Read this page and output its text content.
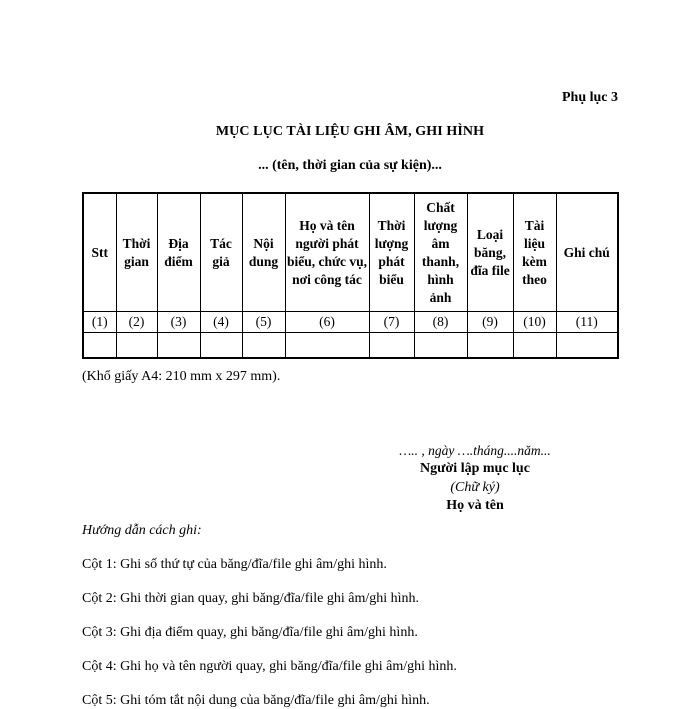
Phụ lục 3
MỤC LỤC TÀI LIỆU GHI ÂM, GHI HÌNH
... (tên, thời gian của sự kiện)...
Stt	Thời gian	Địa điểm	Tác giả	Nội dung	Họ và tên người phát biểu, chức vụ, nơi công tác	Thời lượng phát biểu	Chất lượng âm thanh, hình ảnh	Loại băng, đĩa file	Tài liệu kèm theo	Ghi chú
(1)	(2)	(3)	(4)	(5)	(6)	(7)	(8)	(9)	(10)	(11)

(Khổ giấy A4: 210 mm x 297 mm).
….. , ngày ….tháng....năm...
Người lập mục lục
(Chữ ký)
Họ và tên
Hướng dẫn cách ghi:
Cột 1: Ghi số thứ tự của băng/đĩa/file ghi âm/ghi hình.
Cột 2: Ghi thời gian quay, ghi băng/đĩa/file ghi âm/ghi hình.
Cột 3: Ghi địa điểm quay, ghi băng/đĩa/file ghi âm/ghi hình.
Cột 4: Ghi họ và tên người quay, ghi băng/đĩa/file ghi âm/ghi hình.
Cột 5: Ghi tóm tắt nội dung của băng/đĩa/file ghi âm/ghi hình.
